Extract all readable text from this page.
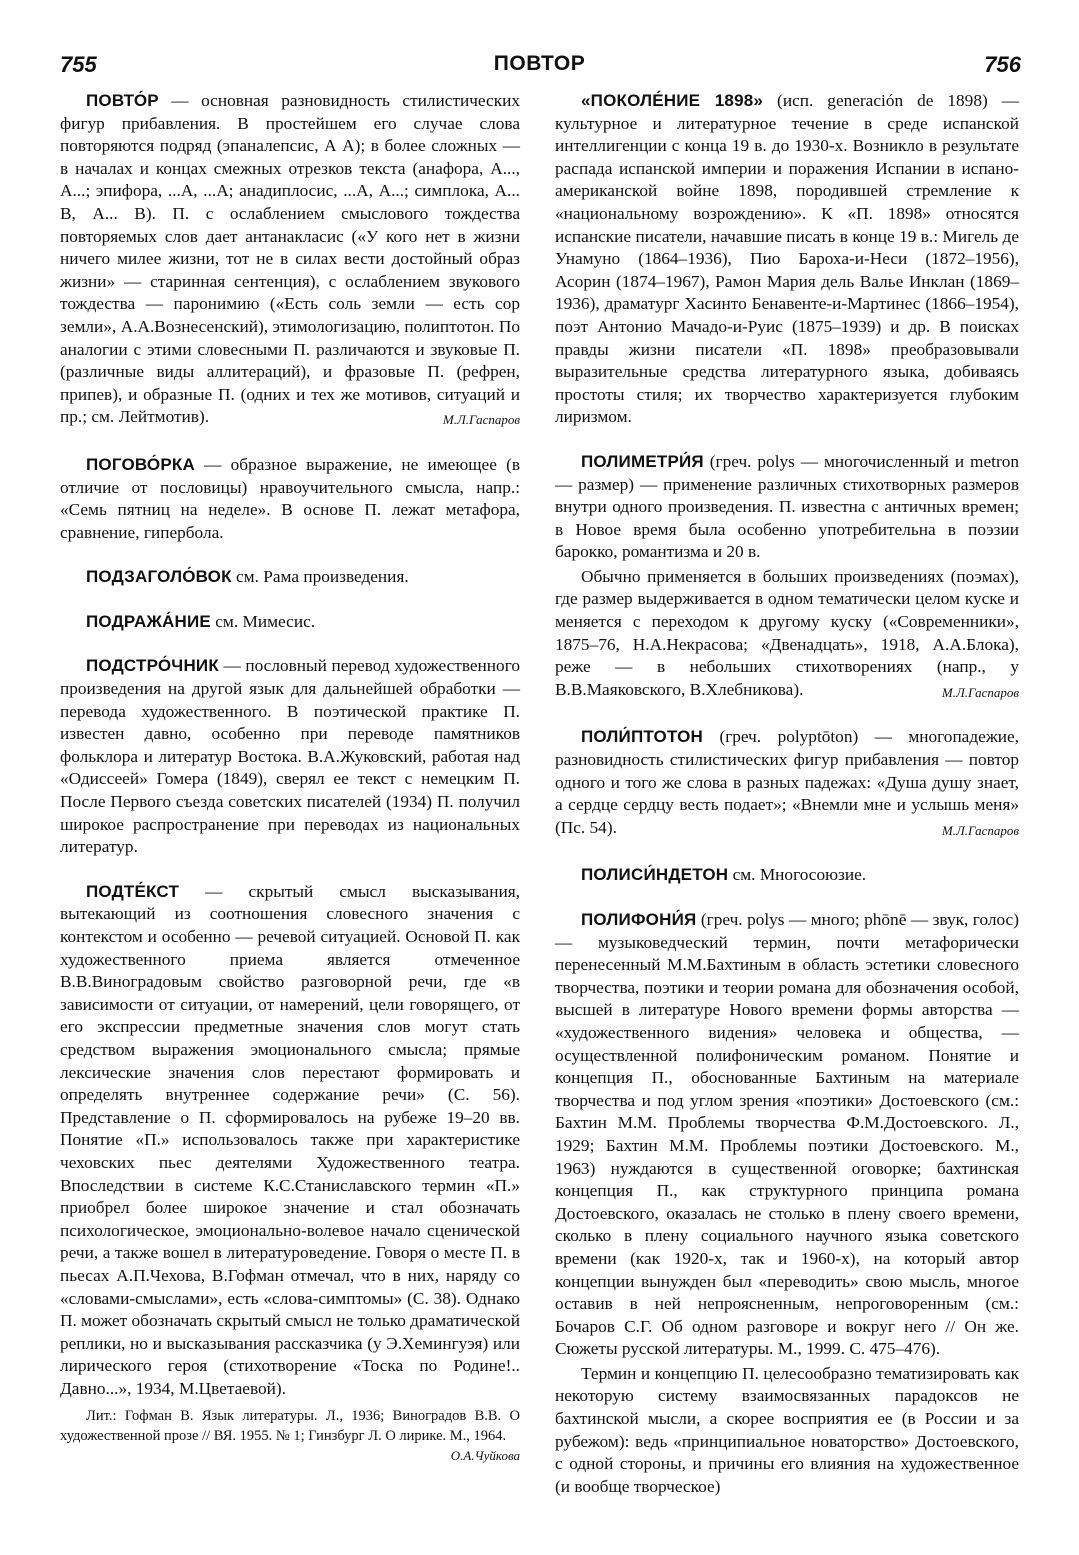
755	ПОВТОР	756

ПОВТО́Р — основная разновидность стилистических фигур прибавления. В простейшем его случае слова повторяются подряд (эпаналепсис, А А); в более сложных — в началах и концах смежных отрезков текста (анафора, А..., А...; эпифора, ...А, ...А; анадиплосис, ...А, А...; симплока, А... В, А... В). П. с ослаблением смыслового тождества повторяемых слов дает антанаклаcис («У кого нет в жизни ничего милее жизни, тот не в силах вести достойный образ жизни» — старинная сентенция), с ослаблением звукового тождества — паронимию («Есть соль земли — есть сор земли», А.А.Вознесенский), этимологизацию, полиптотон. По аналогии с этими словесными П. различаются и звуковые П. (различные виды аллитераций), и фразовые П. (рефрен, припев), и образные П. (одних и тех же мотивов, ситуаций и пр.; см. Лейтмотив).	М.Л.Гаспаров

ПОГОВО́РКА — образное выражение, не имеющее (в отличие от пословицы) нравоучительного смысла, напр.: «Семь пятниц на неделе». В основе П. лежат метафора, сравнение, гипербола.

ПОДЗАГОЛО́ВОК см. Рама произведения.

ПОДРАЖА́НИЕ см. Мимесис.

ПОДСТРО́ЧНИК — пословный перевод художественного произведения на другой язык для дальнейшей обработки — перевода художественного. В поэтической практике П. известен давно, особенно при переводе памятников фольклора и литератур Востока. В.А.Жуковский, работая над «Одиссеей» Гомера (1849), сверял ее текст с немецким П. После Первого съезда советских писателей (1934) П. получил широкое распространение при переводах из национальных литератур.

ПОДТЕ́КСТ — скрытый смысл высказывания, вытекающий из соотношения словесного значения с контекстом и особенно — речевой ситуацией. Основой П. как художественного приема является отмеченное В.В.Виноградовым свойство разговорной речи, где «в зависимости от ситуации, от намерений, цели говорящего, от его экспрессии предметные значения слов могут стать средством выражения эмоционального смысла; прямые лексические значения слов перестают формировать и определять внутреннее содержание речи» (С. 56). Представление о П. сформировалось на рубеже 19–20 вв. Понятие «П.» использовалось также при характеристике чеховских пьес деятелями Художественного театра. Впоследствии в системе К.С.Станиславского термин «П.» приобрел более широкое значение и стал обозначать психологическое, эмоционально-волевое начало сценической речи, а также вошел в литературоведение. Говоря о месте П. в пьесах А.П.Чехова, В.Гофман отмечал, что в них, наряду со «словами-смыслами», есть «слова-симптомы» (С. 38). Однако П. может обозначать скрытый смысл не только драматической реплики, но и высказывания рассказчика (у Э.Хемингуэя) или лирического героя (стихотворение «Тоска по Родине!.. Давно...», 1934, М.Цветаевой).

Лит.: Гофман В. Язык литературы. Л., 1936; Виноградов В.В. О художественной прозе // ВЯ. 1955. № 1; Гинзбург Л. О лирике. М., 1964.
О.А.Чуйкова

«ПОКОЛЕ́НИЕ 1898» (исп. generación de 1898) — культурное и литературное течение в среде испанской интеллигенции с конца 19 в. до 1930-х. Возникло в результате распада испанской империи и поражения Испании в испано-американской войне 1898, породившей стремление к «национальному возрождению». К «П. 1898» относятся испанские писатели, начавшие писать в конце 19 в.: Мигель де Унамуно (1864–1936), Пио Бароха-и-Неси (1872–1956), Асорин (1874–1967), Рамон Мария дель Валье Инклан (1869–1936), драматург Хасинто Бенавенте-и-Мартинес (1866–1954), поэт Антонио Мачадо-и-Руис (1875–1939) и др. В поисках правды жизни писатели «П. 1898» преобразовывали выразительные средства литературного языка, добиваясь простоты стиля; их творчество характеризуется глубоким лиризмом.

ПОЛИМЕТРИ́Я (греч. polys — многочисленный и metron — размер) — применение различных стихотворных размеров внутри одного произведения. П. известна с античных времен; в Новое время была особенно употребительна в поэзии барокко, романтизма и 20 в.

Обычно применяется в больших произведениях (поэмах), где размер выдерживается в одном тематически целом куске и меняется с переходом к другому куску («Современники», 1875–76, Н.А.Некрасова; «Двенадцать», 1918, А.А.Блока), реже — в небольших стихотворениях (напр., у В.В.Маяковского, В.Хлебникова).	М.Л.Гаспаров

ПОЛИ́ПТОТОН (греч. polyptōton) — многопадежие, разновидность стилистических фигур прибавления — повтор одного и того же слова в разных падежах: «Душа душу знает, а сердце сердцу весть подает»; «Внемли мне и услышь меня» (Пс. 54).	М.Л.Гаспаров

ПОЛИСИ́НДЕТОН см. Многосоюзие.

ПОЛИФОНИ́Я (греч. polys — много; phōnē — звук, голос) — музыковедческий термин, почти метафорически перенесенный М.М.Бахтиным в область эстетики словесного творчества, поэтики и теории романа для обозначения особой, высшей в литературе Нового времени формы авторства — «художественного видения» человека и общества, — осуществленной полифоническим романом. Понятие и концепция П., обоснованные Бахтиным на материале творчества и под углом зрения «поэтики» Достоевского (см.: Бахтин М.М. Проблемы творчества Ф.М.Достоевского. Л., 1929; Бахтин М.М. Проблемы поэтики Достоевского. М., 1963) нуждаются в существенной оговорке; бахтинская концепция П., как структурного принципа романа Достоевского, оказалась не столько в плену своего времени, сколько в плену социального научного языка советского времени (как 1920-х, так и 1960-х), на который автор концепции вынужден был «переводить» свою мысль, многое оставив в ней непроясненным, непроговоренным (см.: Бочаров С.Г. Об одном разговоре и вокруг него // Он же. Сюжеты русской литературы. М., 1999. С. 475–476).

Термин и концепцию П. целесообразно тематизировать как некоторую систему взаимосвязанных парадоксов не бахтинской мысли, а скорее восприятия ее (в России и за рубежом): ведь «принципиальное новаторство» Достоевского, с одной стороны, и причины его влияния на художественное (и вообще творческое)
